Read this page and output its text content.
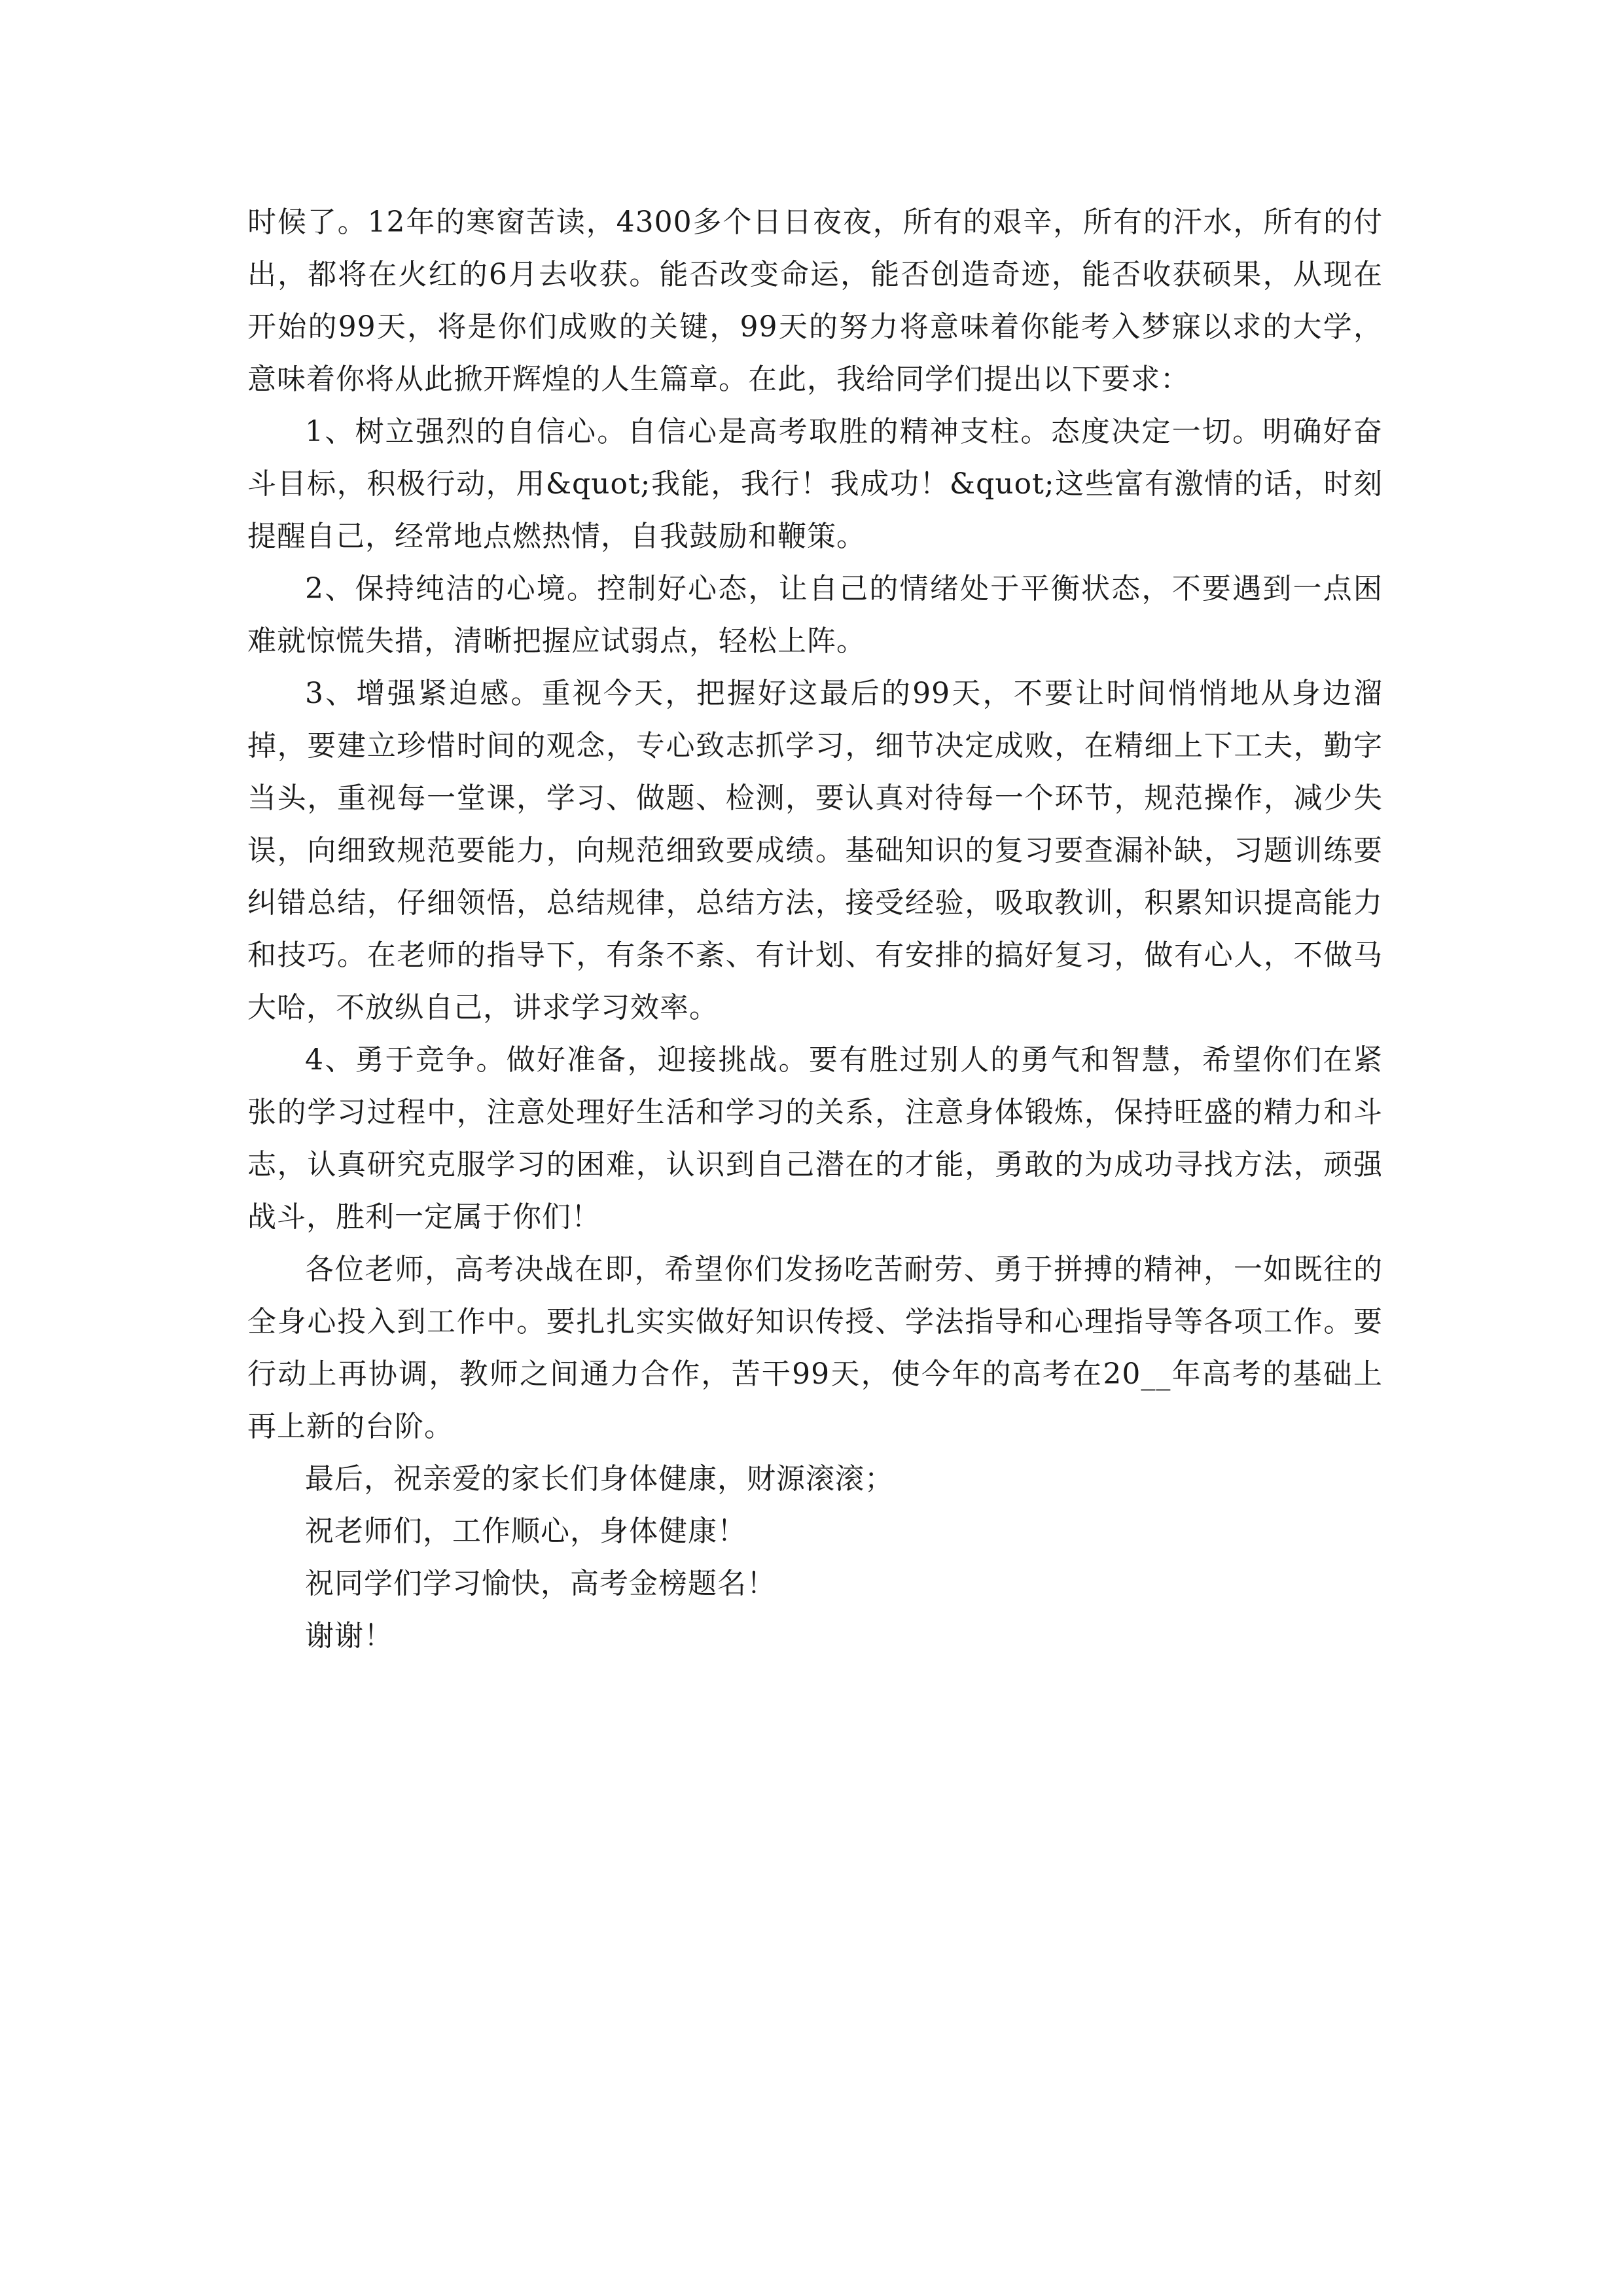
时候了。12年的寒窗苦读，4300多个日日夜夜，所有的艰辛，所有的汗水，所有的付出，都将在火红的6月去收获。能否改变命运，能否创造奇迹，能否收获硕果，从现在开始的99天，将是你们成败的关键，99天的努力将意味着你能考入梦寐以求的大学，意味着你将从此掀开辉煌的人生篇章。在此，我给同学们提出以下要求：

1、树立强烈的自信心。自信心是高考取胜的精神支柱。态度决定一切。明确好奋斗目标，积极行动，用&quot;我能，我行！我成功！&quot;这些富有激情的话，时刻提醒自己，经常地点燃热情，自我鼓励和鞭策。

2、保持纯洁的心境。控制好心态，让自己的情绪处于平衡状态，不要遇到一点困难就惊慌失措，清晰把握应试弱点，轻松上阵。

3、增强紧迫感。重视今天，把握好这最后的99天，不要让时间悄悄地从身边溜掉，要建立珍惜时间的观念，专心致志抓学习，细节决定成败，在精细上下工夫，勤字当头，重视每一堂课，学习、做题、检测，要认真对待每一个环节，规范操作，减少失误，向细致规范要能力，向规范细致要成绩。基础知识的复习要查漏补缺，习题训练要纠错总结，仔细领悟，总结规律，总结方法，接受经验，吸取教训，积累知识提高能力和技巧。在老师的指导下，有条不紊、有计划、有安排的搞好复习，做有心人，不做马大哈，不放纵自己，讲求学习效率。

4、勇于竞争。做好准备，迎接挑战。要有胜过别人的勇气和智慧，希望你们在紧张的学习过程中，注意处理好生活和学习的关系，注意身体锻炼，保持旺盛的精力和斗志，认真研究克服学习的困难，认识到自己潜在的才能，勇敢的为成功寻找方法，顽强战斗，胜利一定属于你们！

各位老师，高考决战在即，希望你们发扬吃苦耐劳、勇于拼搏的精神，一如既往的全身心投入到工作中。要扎扎实实做好知识传授、学法指导和心理指导等各项工作。要行动上再协调，教师之间通力合作，苦干99天，使今年的高考在20__年高考的基础上再上新的台阶。

最后，祝亲爱的家长们身体健康，财源滚滚；

祝老师们，工作顺心，身体健康！

祝同学们学习愉快，高考金榜题名！

谢谢！
